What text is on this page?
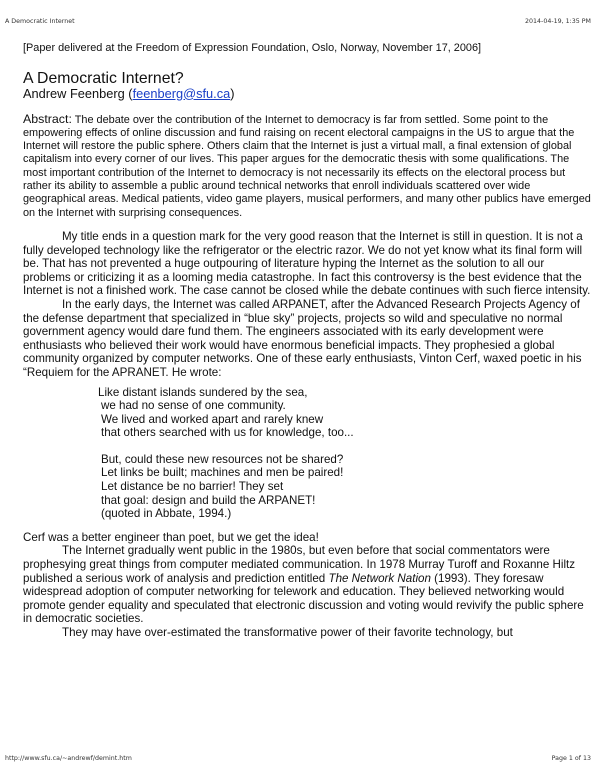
A Democratic Internet	2014-04-19, 1:35 PM

[Paper delivered at the Freedom of Expression Foundation, Oslo, Norway, November 17, 2006]

A Democratic Internet?

Andrew Feenberg (feenberg@sfu.ca)

Abstract: The debate over the contribution of the Internet to democracy is far from settled. Some point to the empowering effects of online discussion and fund raising on recent electoral campaigns in the US to argue that the Internet will restore the public sphere. Others claim that the Internet is just a virtual mall, a final extension of global capitalism into every corner of our lives. This paper argues for the democratic thesis with some qualifications. The most important contribution of the Internet to democracy is not necessarily its effects on the electoral process but rather its ability to assemble a public around technical networks that enroll individuals scattered over wide geographical areas. Medical patients, video game players, musical performers, and many other publics have emerged on the Internet with surprising consequences.

My title ends in a question mark for the very good reason that the Internet is still in question. It is not a fully developed technology like the refrigerator or the electric razor. We do not yet know what its final form will be. That has not prevented a huge outpouring of literature hyping the Internet as the solution to all our problems or criticizing it as a looming media catastrophe. In fact this controversy is the best evidence that the Internet is not a finished work. The case cannot be closed while the debate continues with such fierce intensity.

In the early days, the Internet was called ARPANET, after the Advanced Research Projects Agency of the defense department that specialized in “blue sky” projects, projects so wild and speculative no normal government agency would dare fund them. The engineers associated with its early development were enthusiasts who believed their work would have enormous beneficial impacts. They prophesied a global community organized by computer networks. One of these early enthusiasts, Vinton Cerf, waxed poetic in his “Requiem for the APRANET. He wrote:

Like distant islands sundered by the sea,
we had no sense of one community.
We lived and worked apart and rarely knew
that others searched with us for knowledge, too...
But, could these new resources not be shared?
Let links be built; machines and men be paired!
Let distance be no barrier! They set
that goal: design and build the ARPANET!
(quoted in Abbate, 1994.)

Cerf was a better engineer than poet, but we get the idea!

The Internet gradually went public in the 1980s, but even before that social commentators were prophesying great things from computer mediated communication. In 1978 Murray Turoff and Roxanne Hiltz published a serious work of analysis and prediction entitled The Network Nation (1993). They foresaw widespread adoption of computer networking for telework and education. They believed networking would promote gender equality and speculated that electronic discussion and voting would revivify the public sphere in democratic societies.

They may have over-estimated the transformative power of their favorite technology, but

http://www.sfu.ca/~andrewf/demint.htm	Page 1 of 13
